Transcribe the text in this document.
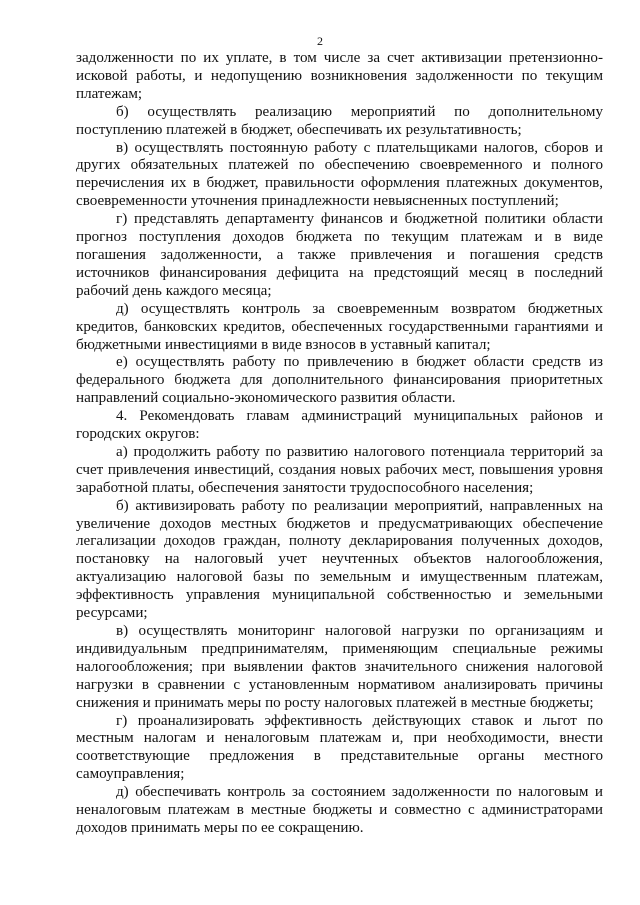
2

задолженности по их уплате, в том числе за счет активизации претензионно-исковой работы, и недопущению возникновения задолженности по текущим платежам;

б) осуществлять реализацию мероприятий по дополнительному поступлению платежей в бюджет, обеспечивать их результативность;

в) осуществлять постоянную работу с плательщиками налогов, сборов и других обязательных платежей по обеспечению своевременного и полного перечисления их в бюджет, правильности оформления платежных документов, своевременности уточнения принадлежности невыясненных поступлений;

г) представлять департаменту финансов и бюджетной политики области прогноз поступления доходов бюджета по текущим платежам и в виде погашения задолженности, а также привлечения и погашения средств источников финансирования дефицита на предстоящий месяц в последний рабочий день каждого месяца;

д) осуществлять контроль за своевременным возвратом бюджетных кредитов, банковских кредитов, обеспеченных государственными гарантиями и бюджетными инвестициями в виде взносов в уставный капитал;

е) осуществлять работу по привлечению в бюджет области средств из федерального бюджета для дополнительного финансирования приоритетных направлений социально-экономического развития области.

4. Рекомендовать главам администраций муниципальных районов и городских округов:

а) продолжить работу по развитию налогового потенциала территорий за счет привлечения инвестиций, создания новых рабочих мест, повышения уровня заработной платы, обеспечения занятости трудоспособного населения;

б) активизировать работу по реализации мероприятий, направленных на увеличение доходов местных бюджетов и предусматривающих обеспечение легализации доходов граждан, полноту декларирования полученных доходов, постановку на налоговый учет неучтенных объектов налогообложения, актуализацию налоговой базы по земельным и имущественным платежам, эффективность управления муниципальной собственностью и земельными ресурсами;

в) осуществлять мониторинг налоговой нагрузки по организациям и индивидуальным предпринимателям, применяющим специальные режимы налогообложения; при выявлении фактов значительного снижения налоговой нагрузки в сравнении с установленным нормативом анализировать причины снижения и принимать меры по росту налоговых платежей в местные бюджеты;

г) проанализировать эффективность действующих ставок и льгот по местным налогам и неналоговым платежам и, при необходимости, внести соответствующие предложения в представительные органы местного самоуправления;

д) обеспечивать контроль за состоянием задолженности по налоговым и неналоговым платежам в местные бюджеты и совместно с администраторами доходов принимать меры по ее сокращению.
